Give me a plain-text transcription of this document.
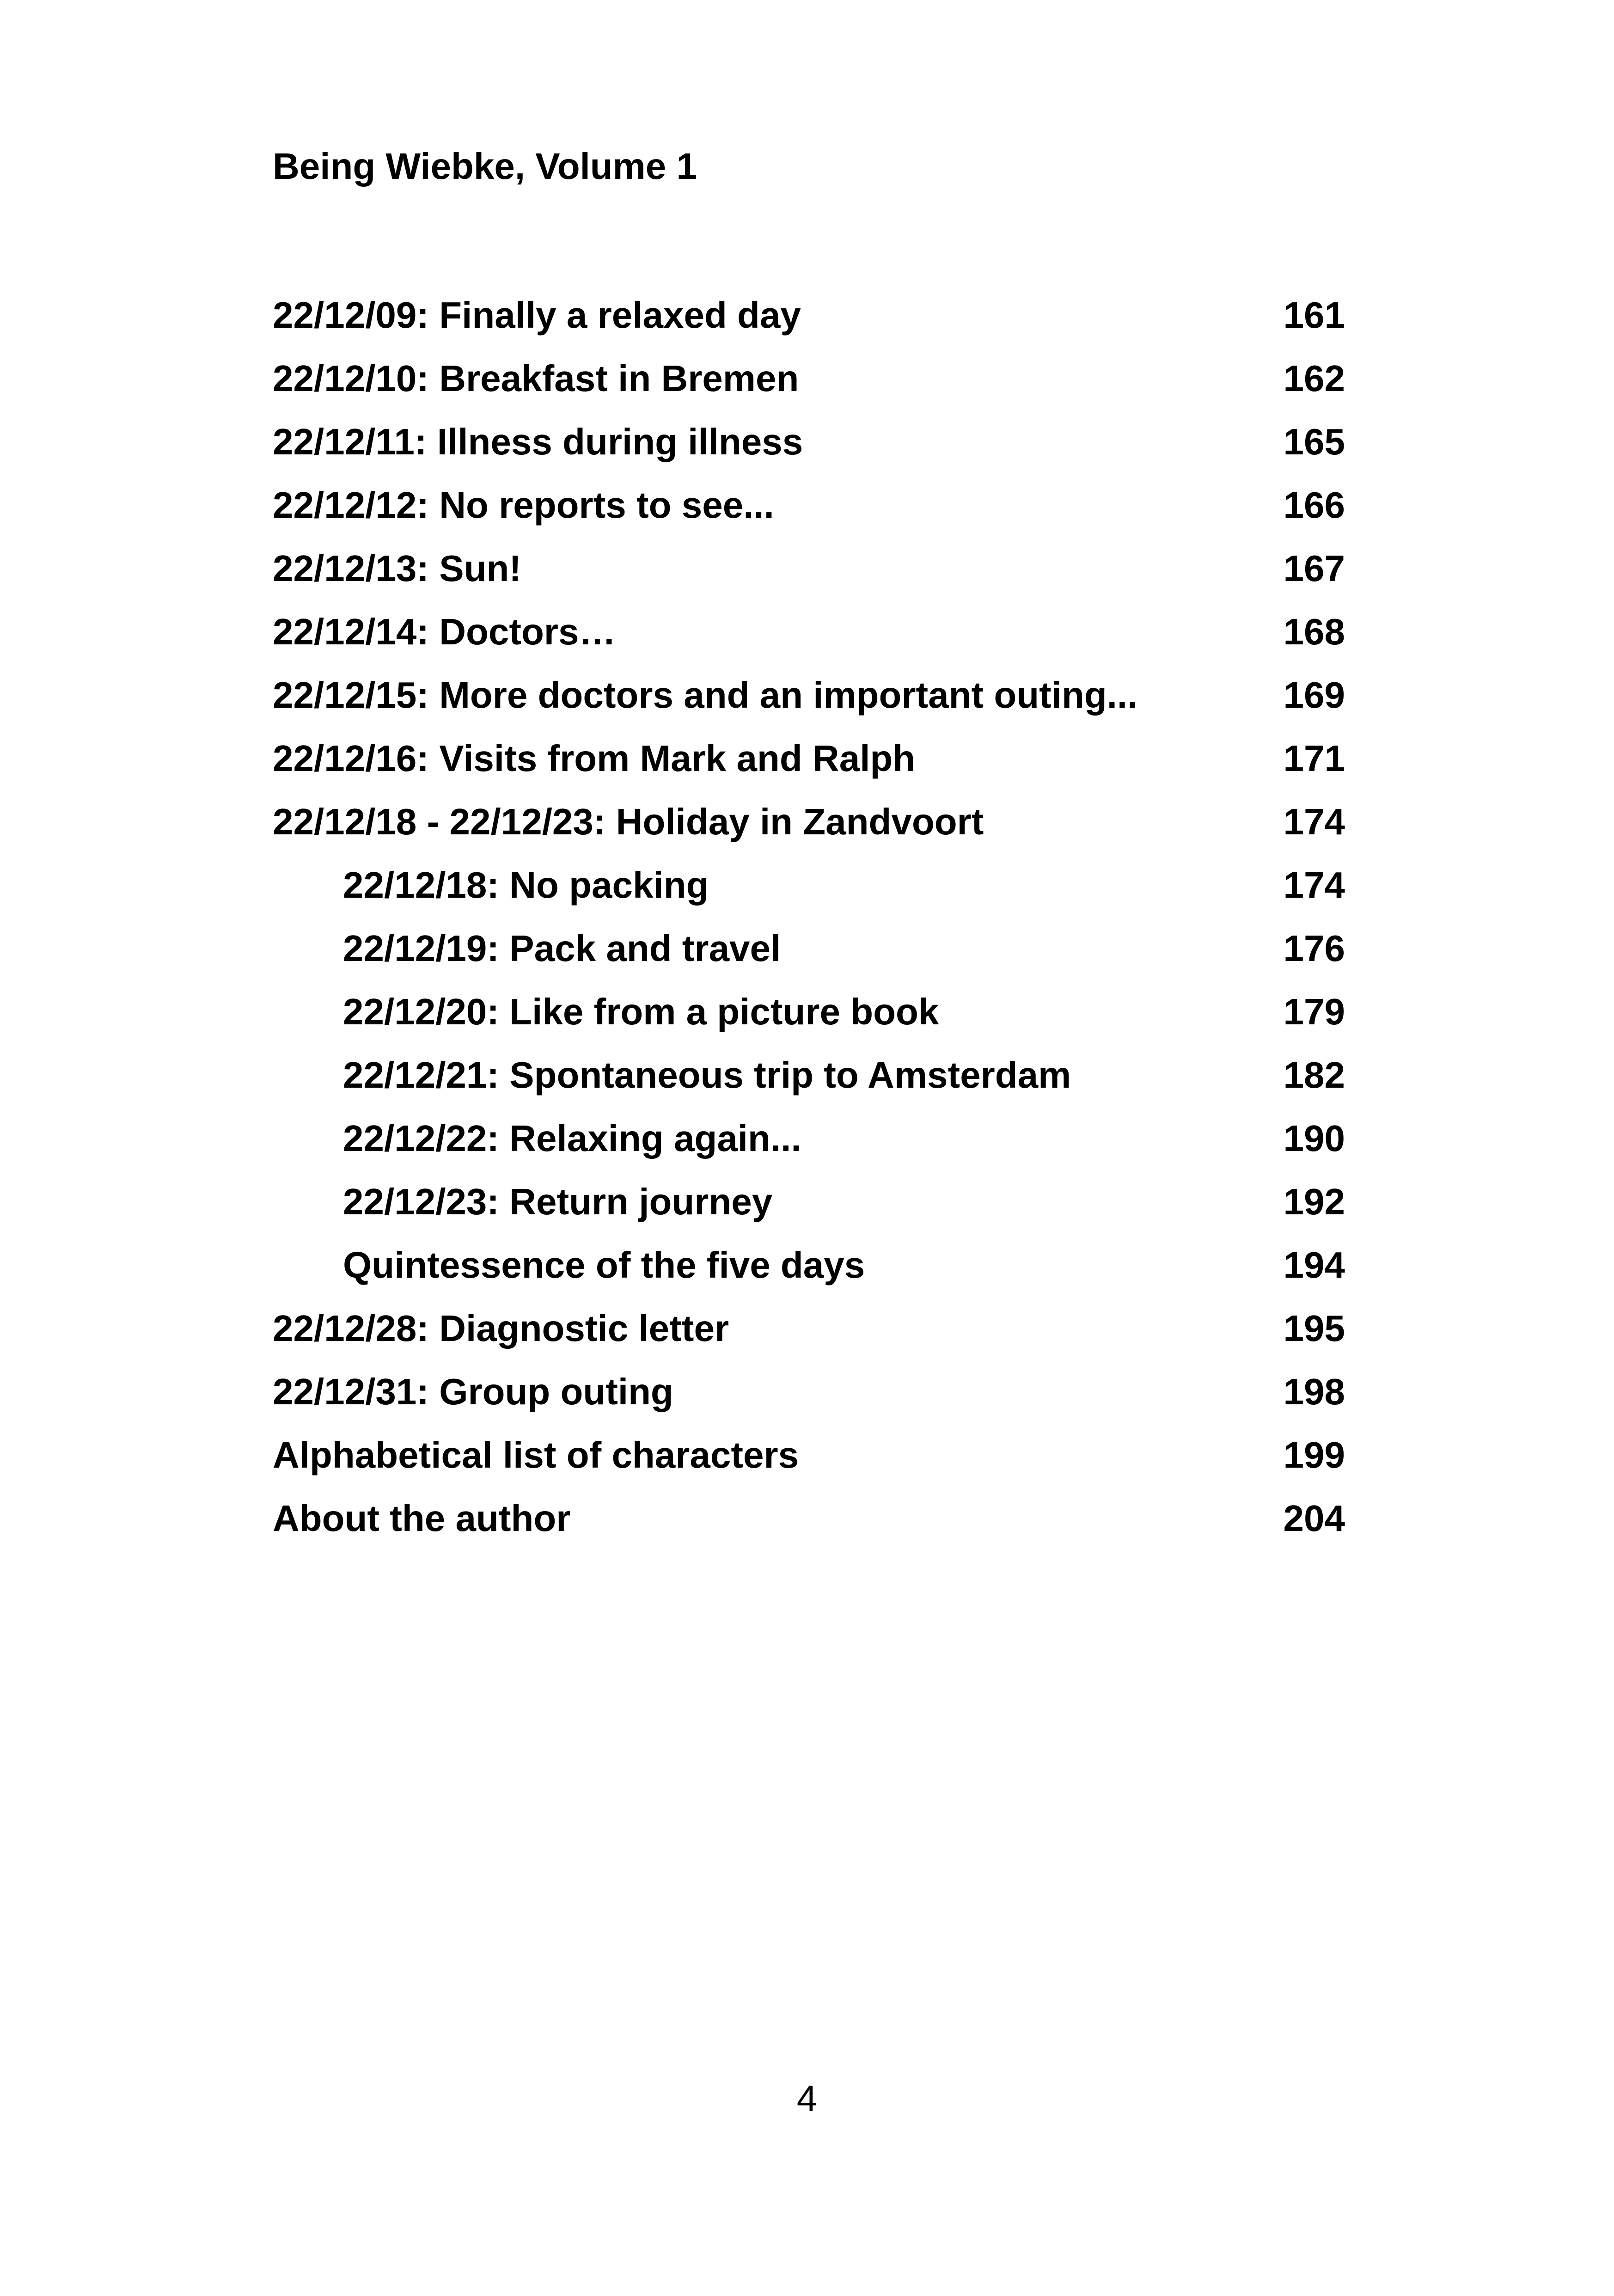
Being Wiebke, Volume 1
22/12/09: Finally a relaxed day	161
22/12/10: Breakfast in Bremen	162
22/12/11: Illness during illness	165
22/12/12: No reports to see...	166
22/12/13: Sun!	167
22/12/14: Doctors…	168
22/12/15: More doctors and an important outing...	169
22/12/16: Visits from Mark and Ralph	171
22/12/18 - 22/12/23: Holiday in Zandvoort	174
22/12/18: No packing	174
22/12/19: Pack and travel	176
22/12/20: Like from a picture book	179
22/12/21: Spontaneous trip to Amsterdam	182
22/12/22: Relaxing again...	190
22/12/23: Return journey	192
Quintessence of the five days	194
22/12/28: Diagnostic letter	195
22/12/31: Group outing	198
Alphabetical list of characters	199
About the author	204
4
